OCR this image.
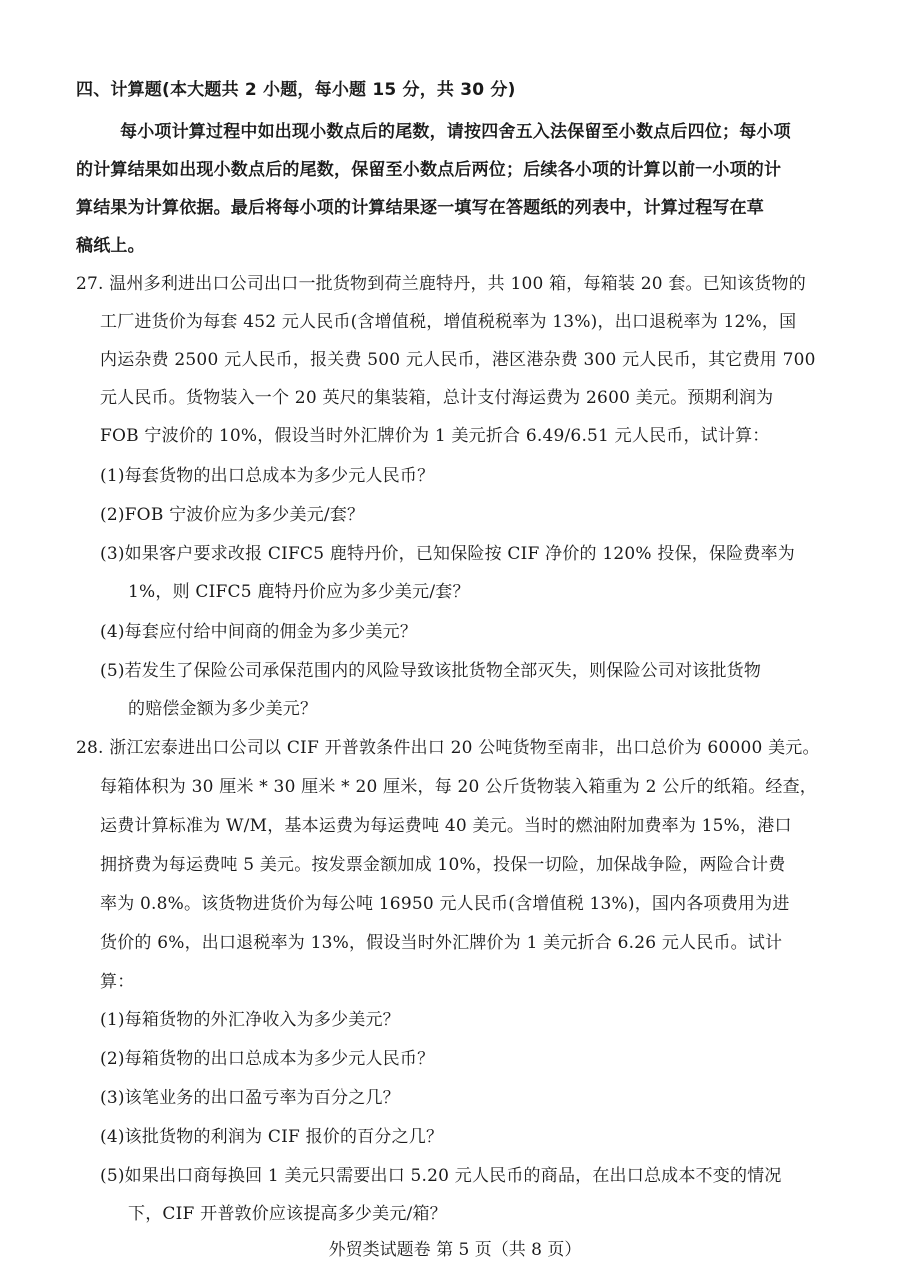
四、计算题(本大题共 2 小题，每小题 15 分，共 30 分)
每小项计算过程中如出现小数点后的尾数，请按四舍五入法保留至小数点后四位；每小项
的计算结果如出现小数点后的尾数，保留至小数点后两位；后续各小项的计算以前一小项的计
算结果为计算依据。最后将每小项的计算结果逐一填写在答题纸的列表中，计算过程写在草
稿纸上。
27. 温州多利进出口公司出口一批货物到荷兰鹿特丹，共 100 箱，每箱装 20 套。已知该货物的
工厂进货价为每套 452 元人民币(含增值税，增值税税率为 13%)，出口退税率为 12%，国
内运杂费 2500 元人民币，报关费 500 元人民币，港区港杂费 300 元人民币，其它费用 700
元人民币。货物装入一个 20 英尺的集装箱，总计支付海运费为 2600 美元。预期利润为
FOB 宁波价的 10%，假设当时外汇牌价为 1 美元折合 6.49/6.51 元人民币，试计算：
(1)每套货物的出口总成本为多少元人民币？
(2)FOB 宁波价应为多少美元/套？
(3)如果客户要求改报 CIFC5 鹿特丹价，已知保险按 CIF 净价的 120% 投保，保险费率为
1%，则 CIFC5 鹿特丹价应为多少美元/套？
(4)每套应付给中间商的佣金为多少美元？
(5)若发生了保险公司承保范围内的风险导致该批货物全部灭失，则保险公司对该批货物
的赔偿金额为多少美元？
28. 浙江宏泰进出口公司以 CIF 开普敦条件出口 20 公吨货物至南非，出口总价为 60000 美元。
每箱体积为 30 厘米 * 30 厘米 * 20 厘米，每 20 公斤货物装入箱重为 2 公斤的纸箱。经查，
运费计算标准为 W/M，基本运费为每运费吨 40 美元。当时的燃油附加费率为 15%，港口
拥挤费为每运费吨 5 美元。按发票金额加成 10%，投保一切险，加保战争险，两险合计费
率为 0.8%。该货物进货价为每公吨 16950 元人民币(含增值税 13%)，国内各项费用为进
货价的 6%，出口退税率为 13%，假设当时外汇牌价为 1 美元折合 6.26 元人民币。试计
算：
(1)每箱货物的外汇净收入为多少美元？
(2)每箱货物的出口总成本为多少元人民币？
(3)该笔业务的出口盈亏率为百分之几？
(4)该批货物的利润为 CIF 报价的百分之几？
(5)如果出口商每换回 1 美元只需要出口 5.20 元人民币的商品，在出口总成本不变的情况
下，CIF 开普敦价应该提高多少美元/箱？
外贸类试题卷 第 5 页（共 8 页）
